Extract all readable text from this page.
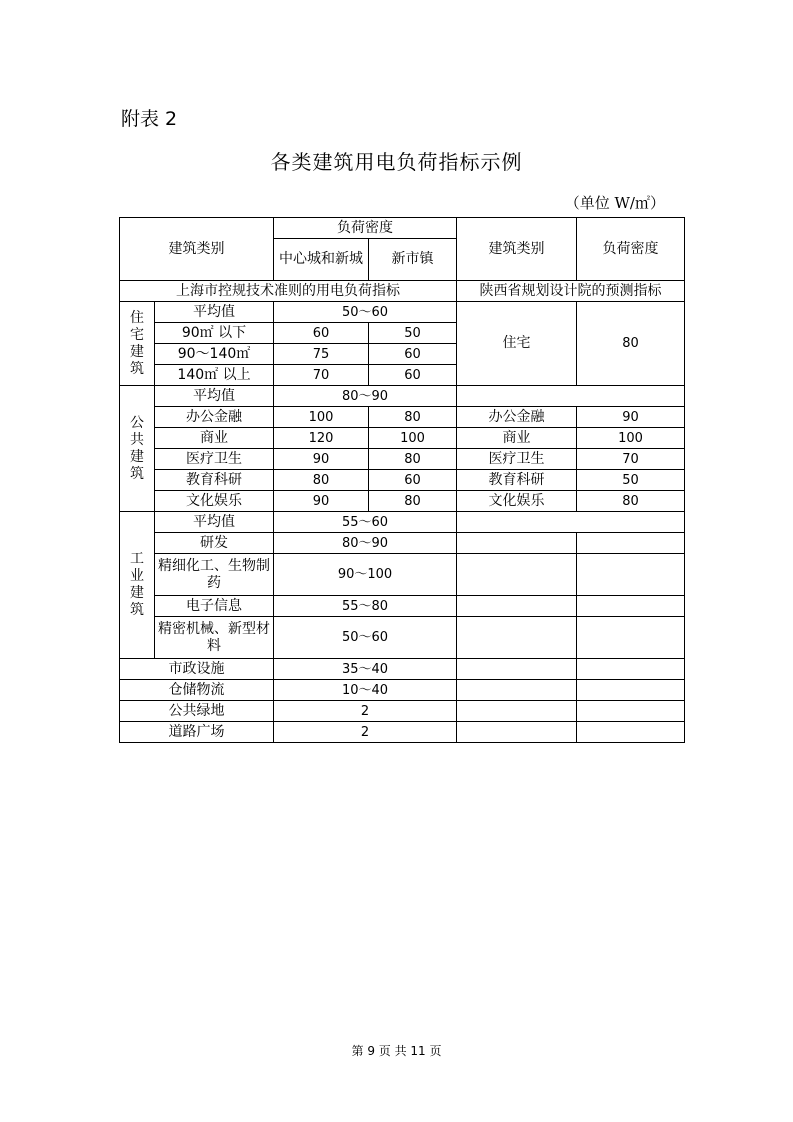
附表 2
各类建筑用电负荷指标示例
（单位 W/㎡）
建筑类别		负荷密度		建筑类别	负荷密度
		中心城和新城	新市镇		
上海市控规技术准则的用电负荷指标				陕西省规划设计院的预测指标	

住
宅
建
筑	平均值	50～60		住宅	80
	90㎡ 以下	60	50		
	90～140㎡	75	60		
	140㎡ 以上	70	60		

公
共
建
筑	平均值	80～90			
	办公金融	100	80	办公金融	90
	商业	120	100	商业	100
	医疗卫生	90	80	医疗卫生	70
	教育科研	80	60	教育科研	50
	文化娱乐	90	80	文化娱乐	80

工
业
建
筑	平均值	55～60			
	研发	80～90			
	精细化工、生物制药	90～100			
	电子信息	55～80			
	精密机械、新型材料	50～60			
市政设施		35～40			
仓储物流		10～40			
公共绿地		2			
道路广场		2			
第 9 页 共 11 页
